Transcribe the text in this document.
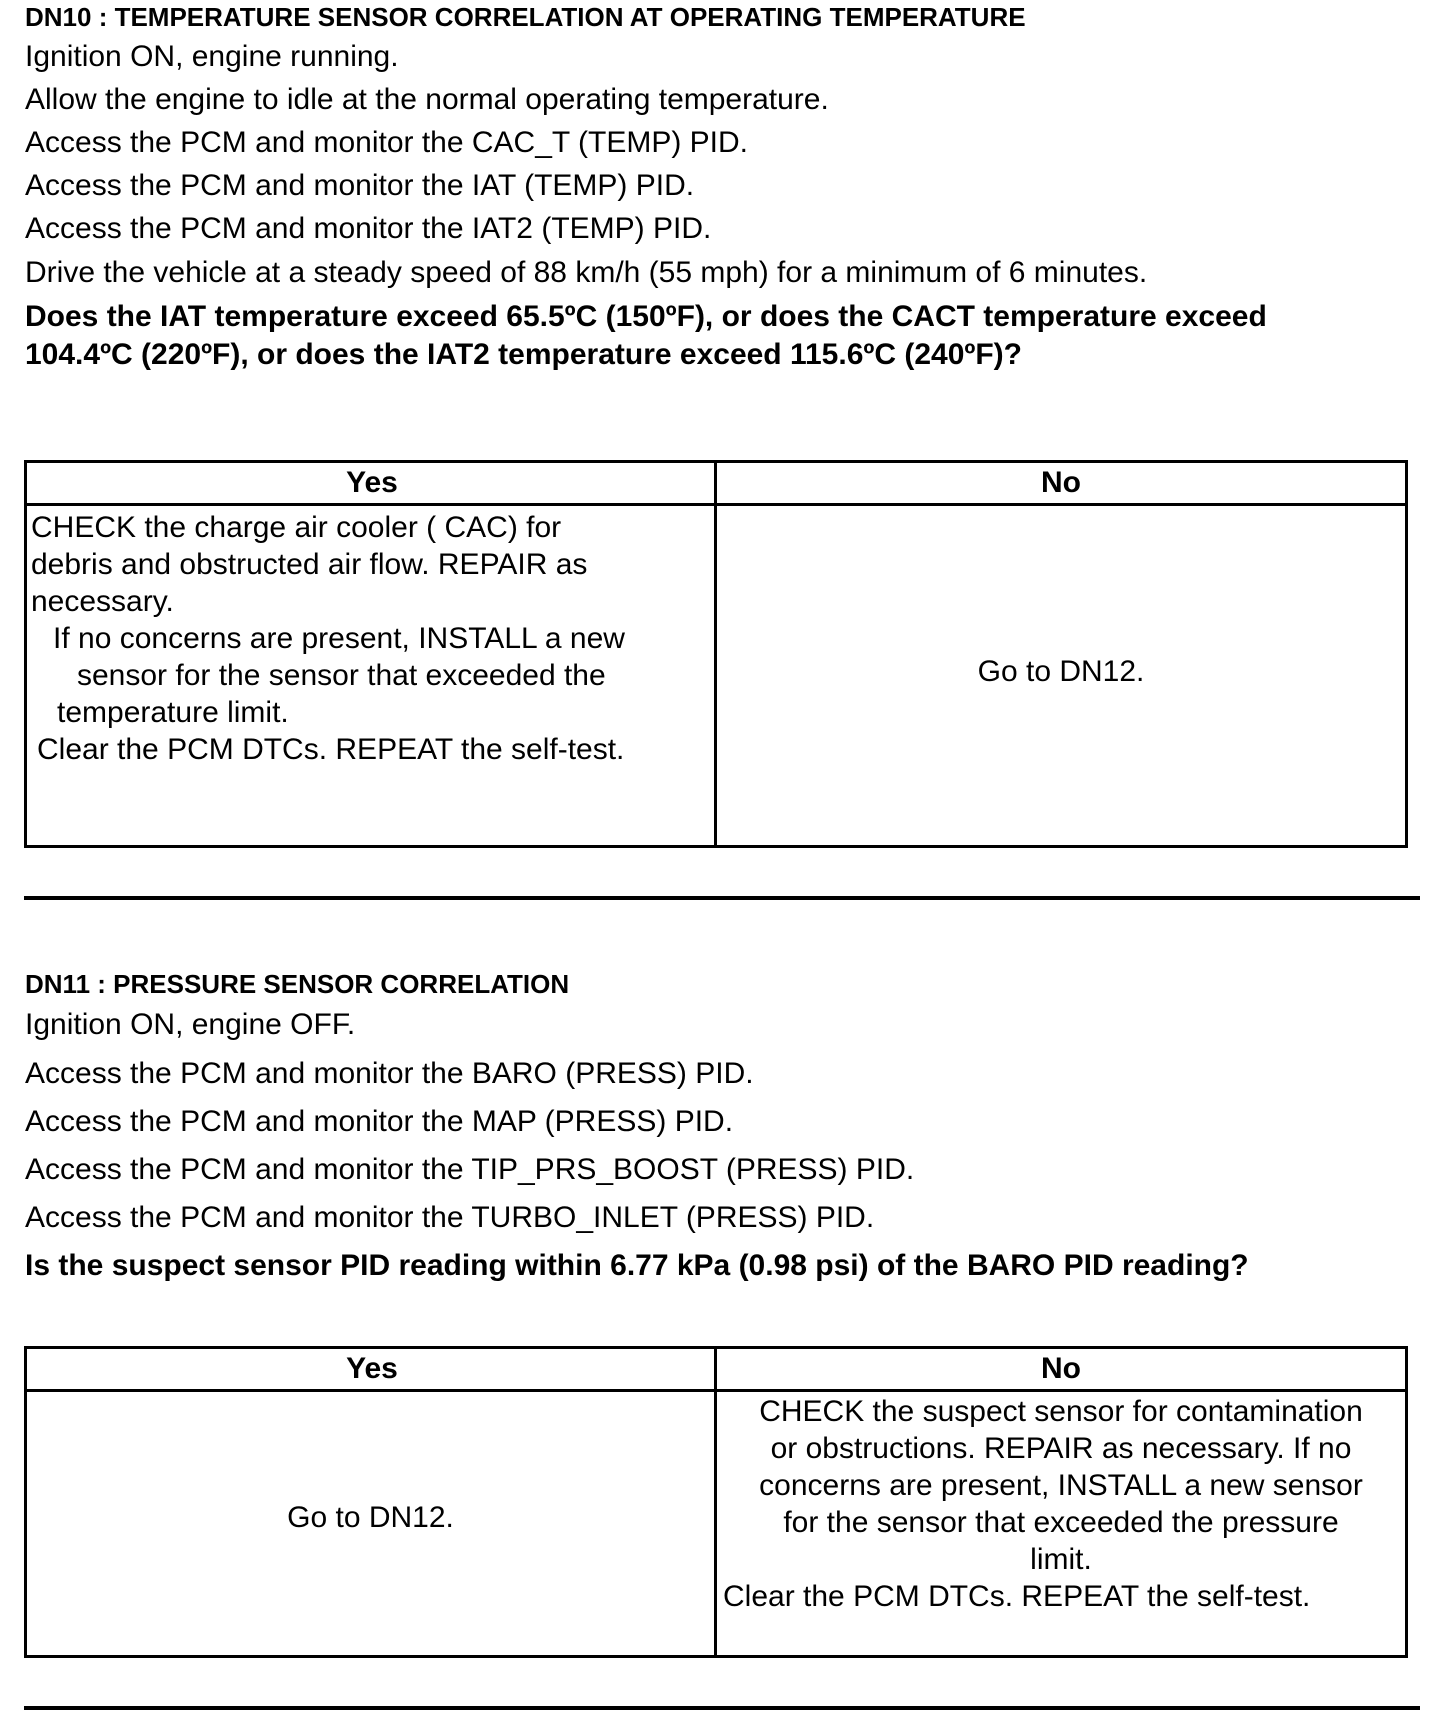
DN10 : TEMPERATURE SENSOR CORRELATION AT OPERATING TEMPERATURE
Ignition ON, engine running.
Allow the engine to idle at the normal operating temperature.
Access the PCM and monitor the CAC_T (TEMP) PID.
Access the PCM and monitor the IAT (TEMP) PID.
Access the PCM and monitor the IAT2 (TEMP) PID.
Drive the vehicle at a steady speed of 88 km/h (55 mph) for a minimum of 6 minutes.
Does the IAT temperature exceed 65.5ºC (150ºF), or does the CACT temperature exceed
104.4ºC (220ºF), or does the IAT2 temperature exceed 115.6ºC (240ºF)?
Yes	No

CHECK the charge air cooler ( CAC) for

debris and obstructed air flow. REPAIR as

necessary.

If no concerns are present, INSTALL a new

sensor for the sensor that exceeded the

temperature limit.

Clear the PCM DTCs. REPEAT the self-test.

Go to DN12.
DN11 : PRESSURE SENSOR CORRELATION
Ignition ON, engine OFF.
Access the PCM and monitor the BARO (PRESS) PID.
Access the PCM and monitor the MAP (PRESS) PID.
Access the PCM and monitor the TIP_PRS_BOOST (PRESS) PID.
Access the PCM and monitor the TURBO_INLET (PRESS) PID.
Is the suspect sensor PID reading within 6.77 kPa (0.98 psi) of the BARO PID reading?
Yes	No
Go to DN12.

CHECK the suspect sensor for contamination

or obstructions. REPAIR as necessary. If no

concerns are present, INSTALL a new sensor

for the sensor that exceeded the pressure

limit.

Clear the PCM DTCs. REPEAT the self-test.
